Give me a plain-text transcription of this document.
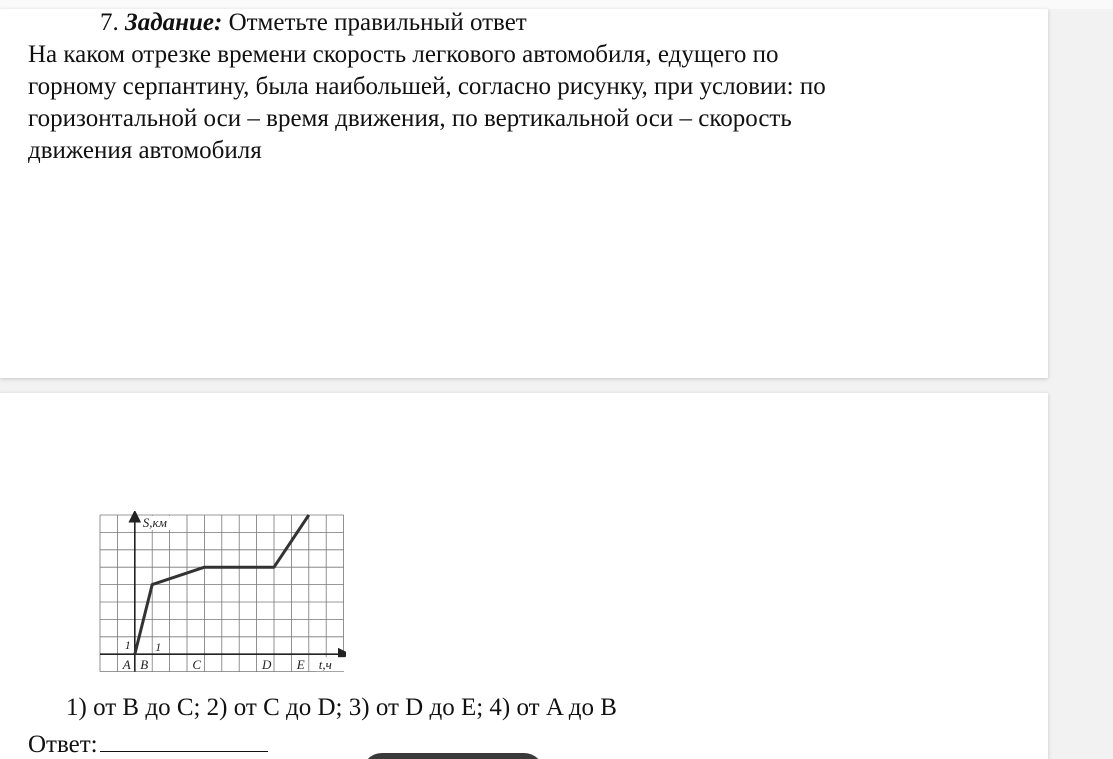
7. Задание: Отметьте правильный ответ
На каком отрезке времени скорость легкового автомобиля, едущего по
горному серпантину, была наибольшей, согласно рисунку, при условии: по
горизонтальной оси – время движения, по вертикальной оси – скорость
движения автомобиля
S,км
t,ч
1
1
A B	C	D E
1) от B до C; 2) от C до D; 3) от D до E; 4) от A до B
Ответ:
